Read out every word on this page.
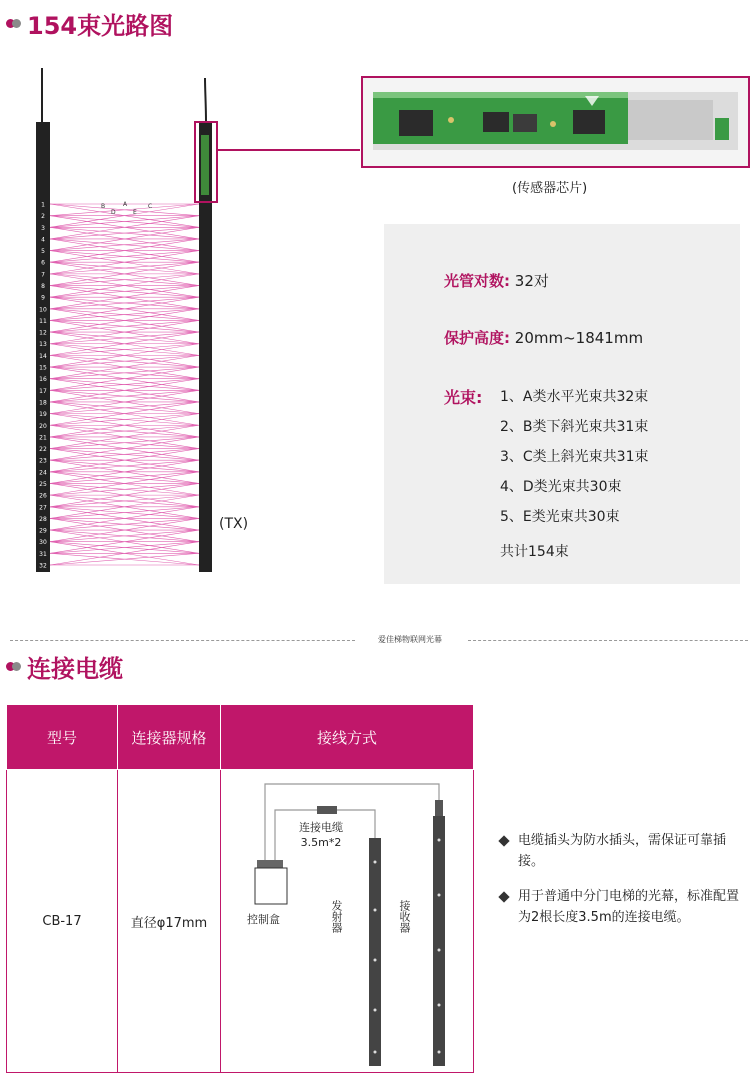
154束光路图
1
2
3
4
5
6
7
8
9
10
11
12
13
14
15
16
17
18
19
20
21
22
23
24
25
26
27
28
29
30
31
32
B	A	C
D	E
(TX)
(传感器芯片)
光管对数: 32对
保护高度: 20mm~1841mm
光束: 1、A类水平光束共32束
2、B类下斜光束共31束
3、C类上斜光束共31束
4、D类光束共30束
5、E类光束共30束
共计154束
爱佳梯物联网光幕
连接电缆
型号	连接器规格	接线方式
CB-17	直径φ17mm	连接电缆
3.5m*2
控制盒 发射器 接收器
电缆插头为防水插头，需保证可靠插接。
用于普通中分门电梯的光幕，标准配置为2根长度3.5m的连接电缆。
